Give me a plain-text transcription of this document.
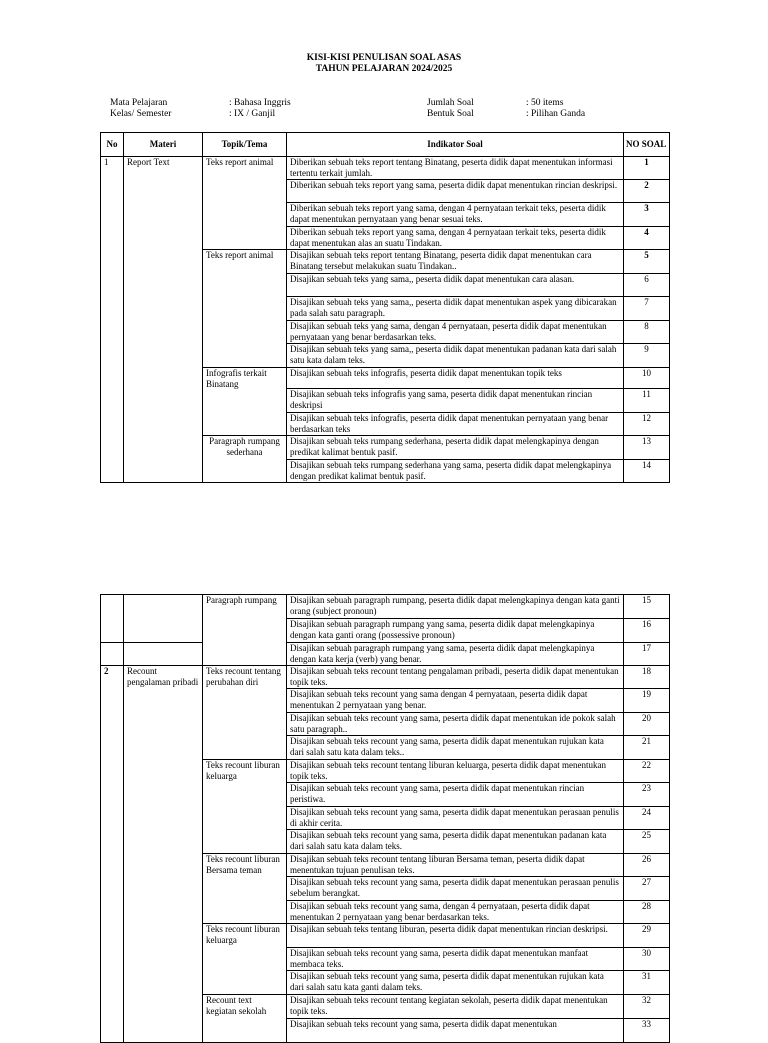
KISI-KISI PENULISAN SOAL ASAS
TAHUN PELAJARAN 2024/2025
Mata Pelajaran	: Bahasa Inggris
Kelas/ Semester	: IX / Ganjil
Jumlah Soal	: 50 items
Bentuk Soal	: Pilihan Ganda
No	Materi	Topik/Tema	Indikator Soal	NO SOAL
1	Report Text	Teks report animal	Diberikan sebuah teks report tentang Binatang, peserta didik dapat menentukan informasi tertentu terkait jumlah.	1
			Diberikan sebuah teks report yang sama, peserta didik dapat menentukan rincian deskripsi.	2
			Diberikan sebuah teks report yang sama, dengan 4 pernyataan terkait teks, peserta didik dapat menentukan pernyataan yang benar sesuai teks.	3
			Diberikan sebuah teks report yang sama, dengan 4 pernyataan terkait teks, peserta didik dapat menentukan alas an suatu Tindakan.	4
		Teks report animal	Disajikan sebuah teks report tentang Binatang, peserta didik dapat menentukan cara Binatang tersebut melakukan suatu Tindakan..	5
			Disajikan sebuah teks yang sama,, peserta didik dapat menentukan cara alasan.	6
			Disajikan sebuah teks yang sama,, peserta didik dapat menentukan aspek yang dibicarakan pada salah satu paragraph.	7
			Disajikan sebuah teks yang sama, dengan 4 pernyataan, peserta didik dapat menentukan pernyataan yang benar berdasarkan teks.	8
			Disajikan sebuah teks yang sama,, peserta didik dapat menentukan padanan kata dari salah satu kata dalam teks.	9
		Infografis terkait Binatang	Disajikan sebuah teks infografis, peserta didik dapat menentukan topik teks	10
			Disajikan sebuah teks infografis yang sama, peserta didik dapat menentukan rincian deskripsi	11
			Disajikan sebuah teks infografis, peserta didik dapat menentukan pernyataan yang benar berdasarkan teks	12
		Paragraph rumpang sederhana	Disajikan sebuah teks rumpang sederhana, peserta didik dapat melengkapinya dengan predikat kalimat bentuk pasif.	13
			Disajikan sebuah teks rumpang sederhana yang sama, peserta didik dapat melengkapinya dengan predikat kalimat bentuk pasif.	14
		Paragraph rumpang	Disajikan sebuah paragraph rumpang, peserta didik dapat melengkapinya dengan kata ganti orang (subject pronoun)	15
			Disajikan sebuah paragraph rumpang yang sama, peserta didik dapat melengkapinya dengan kata ganti orang (possessive pronoun)	16
			Disajikan sebuah paragraph rumpang yang sama, peserta didik dapat melengkapinya dengan kata kerja (verb) yang benar.	17
2	Recount pengalaman pribadi	Teks recount tentang perubahan diri	Disajikan sebuah teks recount tentang pengalaman pribadi, peserta didik dapat menentukan topik teks.	18
			Disajikan sebuah teks recount yang sama dengan 4 pernyataan, peserta didik dapat menentukan 2 pernyataan yang benar.	19
			Disajikan sebuah teks recount yang sama, peserta didik dapat menentukan ide pokok salah satu paragraph..	20
			Disajikan sebuah teks recount yang sama, peserta didik dapat menentukan rujukan kata dari salah satu kata dalam teks..	21
		Teks recount liburan keluarga	Disajikan sebuah teks recount tentang liburan keluarga, peserta didik dapat menentukan topik teks.	22
			Disajikan sebuah teks recount yang sama, peserta didik dapat menentukan rincian peristiwa.	23
			Disajikan sebuah teks recount yang sama, peserta didik dapat menentukan perasaan penulis di akhir cerita.	24
			Disajikan sebuah teks recount yang sama, peserta didik dapat menentukan padanan kata dari salah satu kata dalam teks.	25
		Teks recount liburan Bersama teman	Disajikan sebuah teks recount tentang liburan Bersama teman, peserta didik dapat menentukan tujuan penulisan teks.	26
			Disajikan sebuah teks recount yang sama, peserta didik dapat menentukan perasaan penulis sebelum berangkat.	27
			Disajikan sebuah teks recount yang sama, dengan 4 pernyataan, peserta didik dapat menentukan 2 pernyataan yang benar berdasarkan teks.	28
		Teks recount liburan keluarga	Disajikan sebuah teks tentang liburan, peserta didik dapat menentukan rincian deskripsi.	29
			Disajikan sebuah teks recount yang sama, peserta didik dapat menentukan manfaat membaca teks.	30
			Disajikan sebuah teks recount yang sama, peserta didik dapat menentukan rujukan kata dari salah satu kata ganti dalam teks.	31
		Recount text kegiatan sekolah	Disajikan sebuah teks recount tentang kegiatan sekolah, peserta didik dapat menentukan topik teks.	32
			Disajikan sebuah teks recount yang sama, peserta didik dapat menentukan	33
